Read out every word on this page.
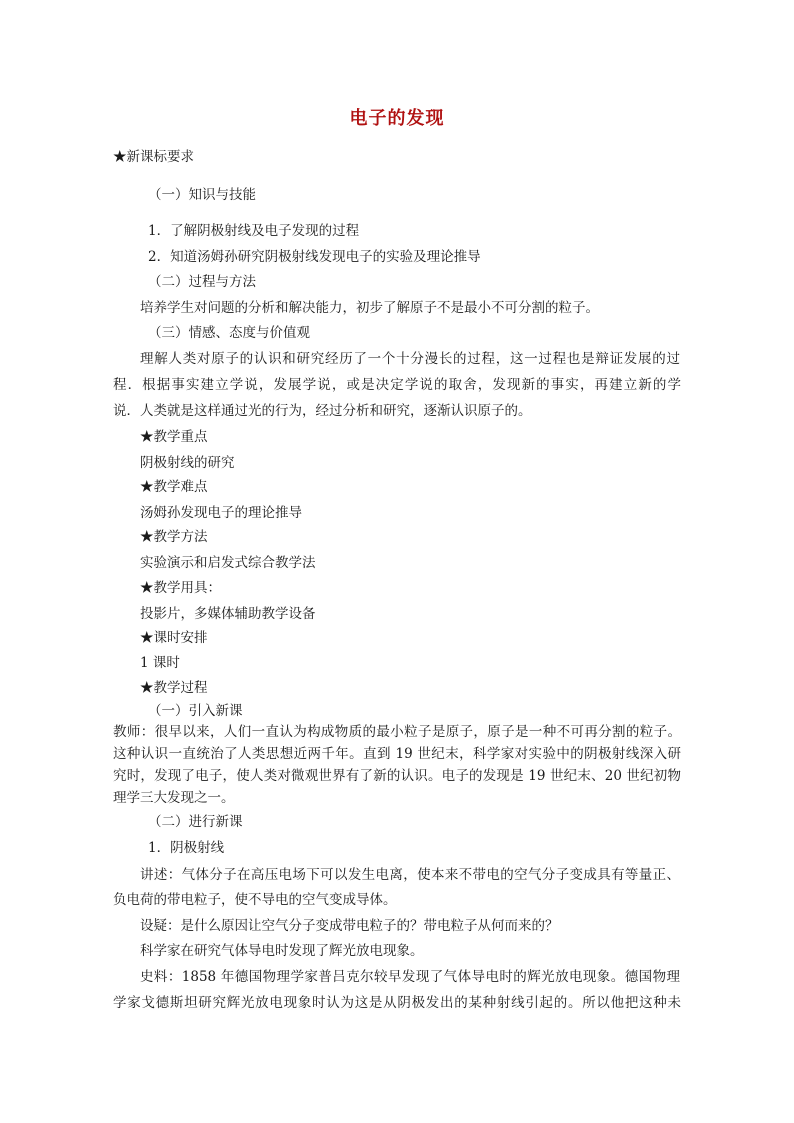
电子的发现
★新课标要求
（一）知识与技能
1．了解阴极射线及电子发现的过程
2．知道汤姆孙研究阴极射线发现电子的实验及理论推导
（二）过程与方法
培养学生对问题的分析和解决能力，初步了解原子不是最小不可分割的粒子。
（三）情感、态度与价值观
理解人类对原子的认识和研究经历了一个十分漫长的过程，这一过程也是辩证发展的过
程．根据事实建立学说，发展学说，或是决定学说的取舍，发现新的事实，再建立新的学
说．人类就是这样通过光的行为，经过分析和研究，逐渐认识原子的。
★教学重点
阴极射线的研究
★教学难点
汤姆孙发现电子的理论推导
★教学方法
实验演示和启发式综合教学法
★教学用具：
投影片，多媒体辅助教学设备
★课时安排
1 课时
★教学过程
（一）引入新课
教师：很早以来，人们一直认为构成物质的最小粒子是原子，原子是一种不可再分割的粒子。
这种认识一直统治了人类思想近两千年。直到 19 世纪末，科学家对实验中的阴极射线深入研
究时，发现了电子，使人类对微观世界有了新的认识。电子的发现是 19 世纪末、20 世纪初物
理学三大发现之一。
（二）进行新课
1．阴极射线
讲述：气体分子在高压电场下可以发生电离，使本来不带电的空气分子变成具有等量正、
负电荷的带电粒子，使不导电的空气变成导体。
设疑：是什么原因让空气分子变成带电粒子的？带电粒子从何而来的？
科学家在研究气体导电时发现了辉光放电现象。
史料：1858 年德国物理学家普吕克尔较早发现了气体导电时的辉光放电现象。德国物理
学家戈德斯坦研究辉光放电现象时认为这是从阴极发出的某种射线引起的。所以他把这种未
